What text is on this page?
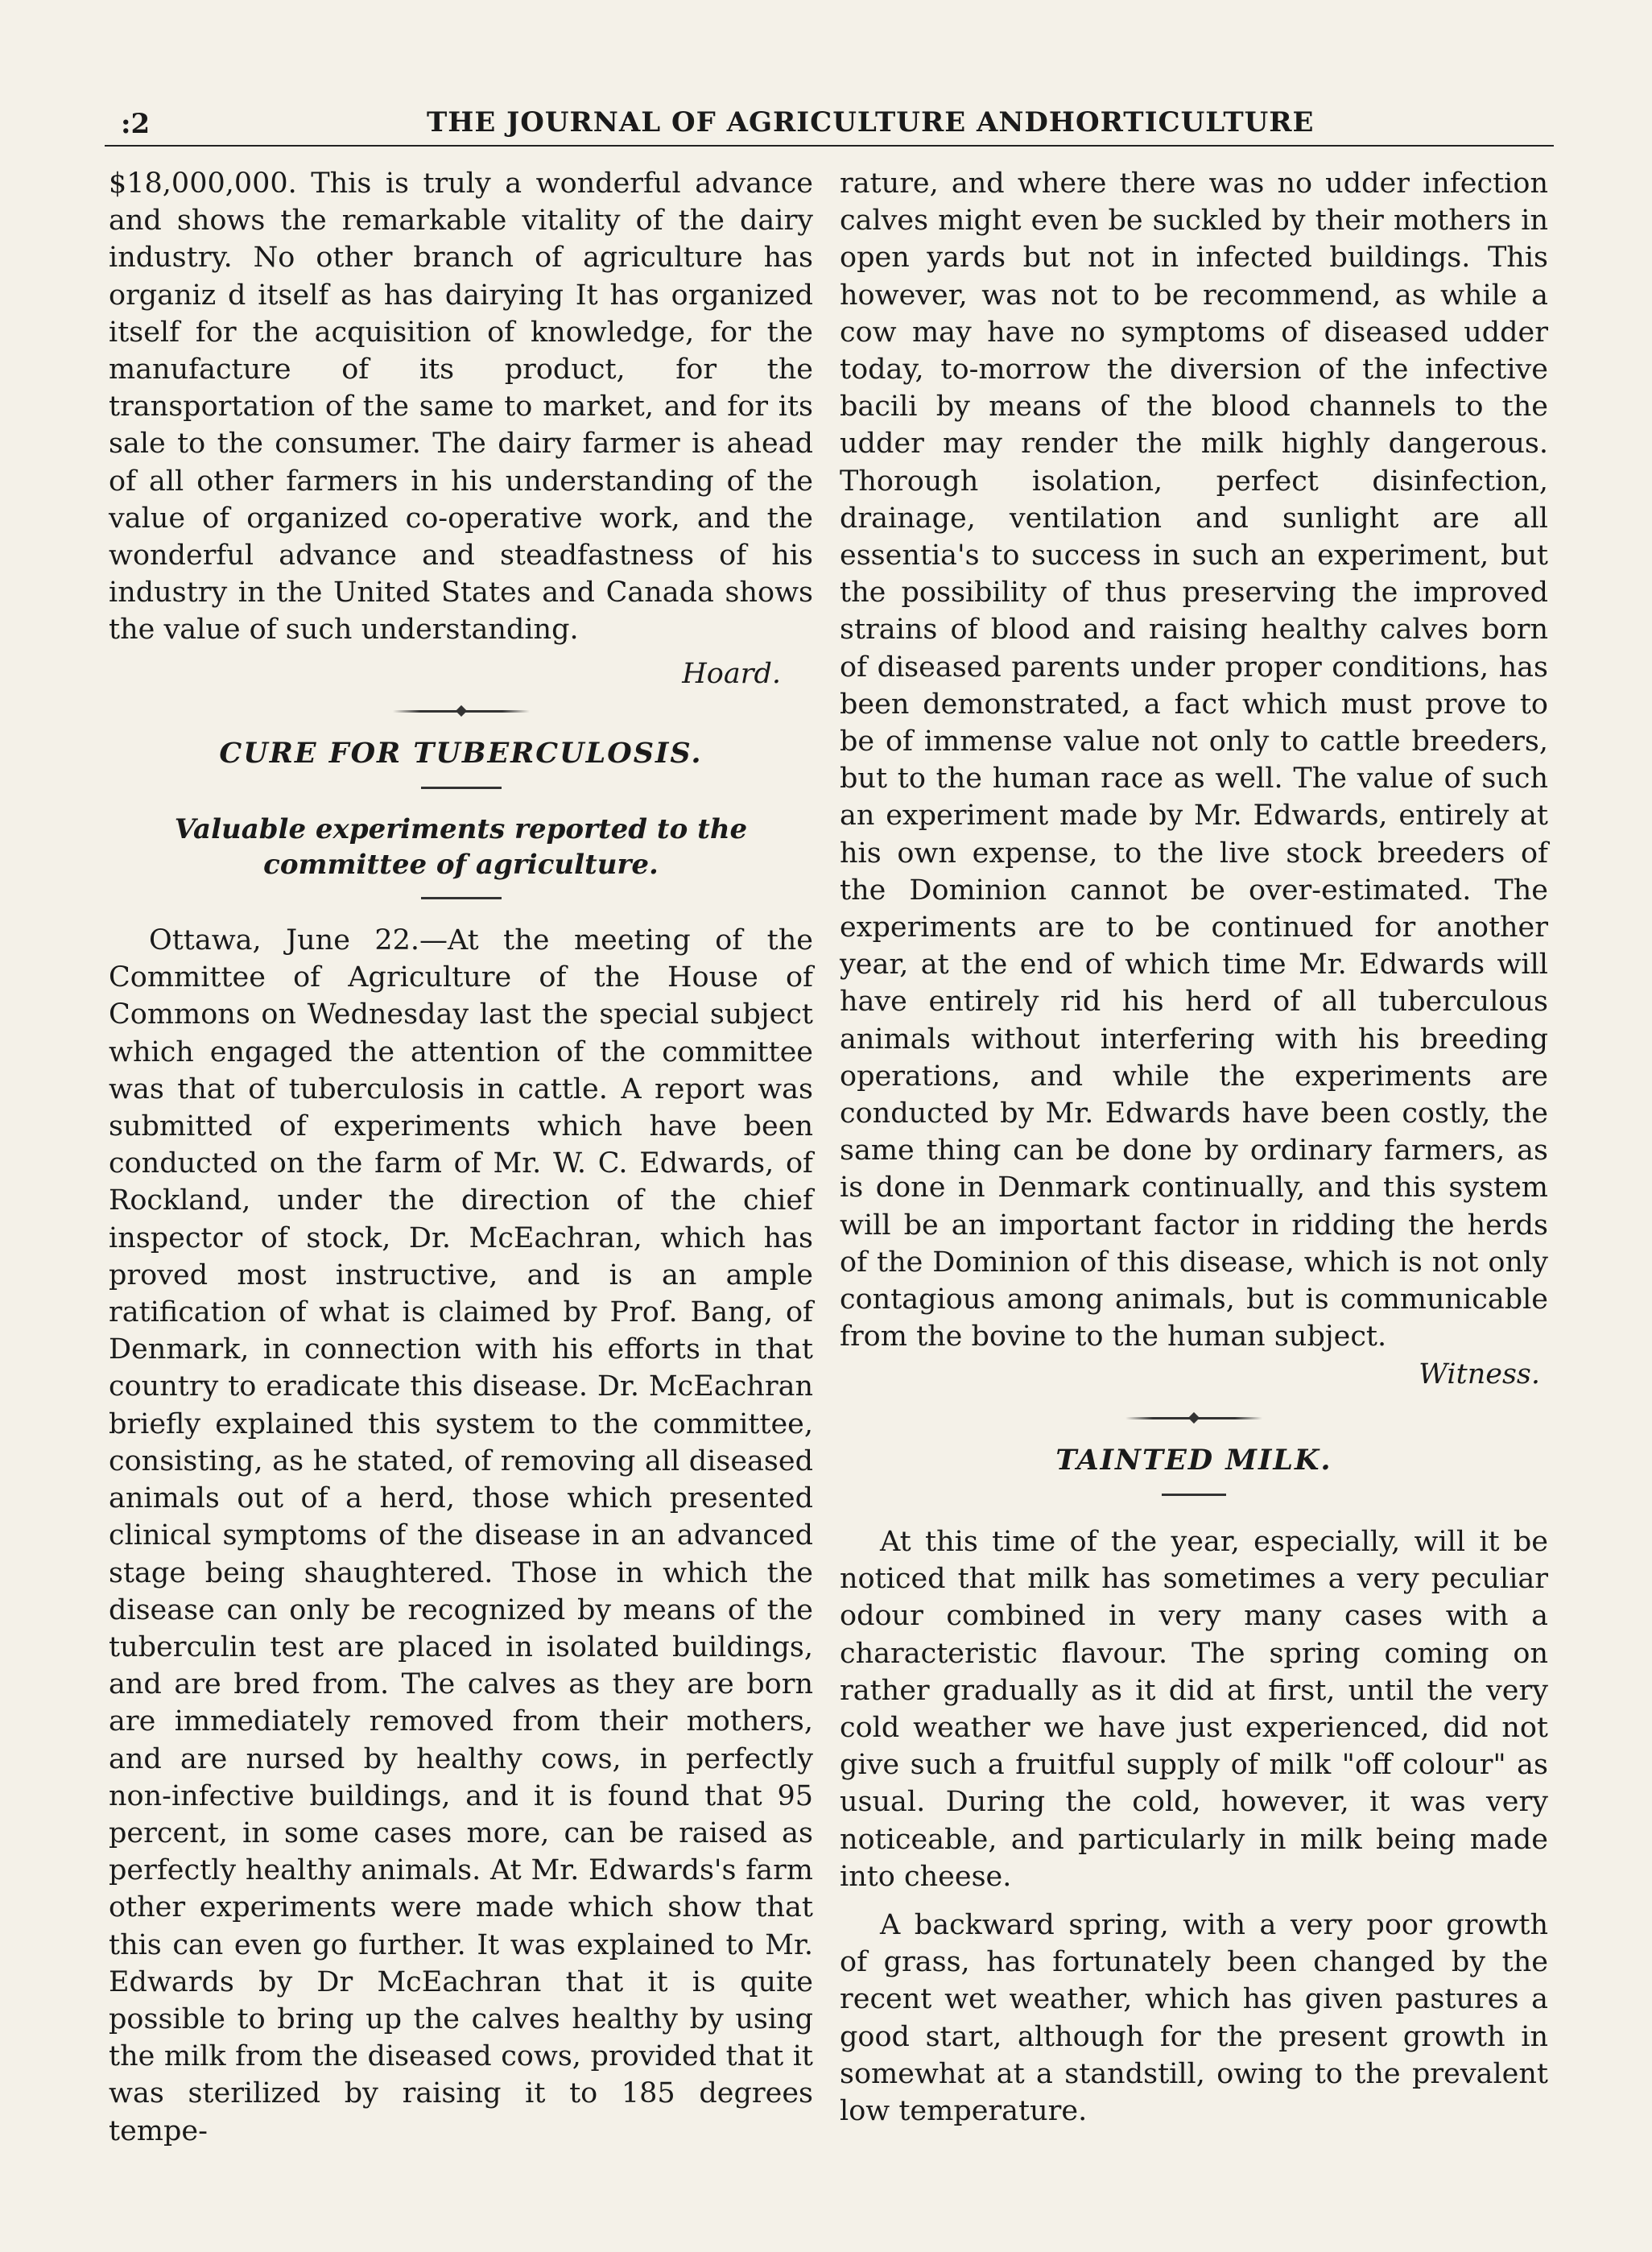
:2	THE JOURNAL OF AGRICULTURE ANDHORTICULTURE

$18,000,000. This is truly a wonderful advance and shows the remarkable vitality of the dairy industry. No other branch of agriculture has organiz d itself as has dairying It has organized itself for the acquisition of knowledge, for the manufacture of its product, for the transportation of the same to market, and for its sale to the consumer. The dairy farmer is ahead of all other farmers in his understanding of the value of organized co-operative work, and the wonderful advance and steadfastness of his industry in the United States and Canada shows the value of such understanding.

Hoard.

CURE FOR TUBERCULOSIS.
Valuable experiments reported to the committee of agriculture.

Ottawa, June 22.—At the meeting of the Committee of Agriculture of the House of Commons on Wednesday last the special subject which engaged the attention of the committee was that of tuberculosis in cattle. A report was submitted of experiments which have been conducted on the farm of Mr. W. C. Edwards, of Rockland, under the direction of the chief inspector of stock, Dr. McEachran, which has proved most instructive, and is an ample ratification of what is claimed by Prof. Bang, of Denmark, in connection with his efforts in that country to eradicate this disease. Dr. McEachran briefly explained this system to the committee, consisting, as he stated, of removing all diseased animals out of a herd, those which presented clinical symptoms of the disease in an advanced stage being shaughtered. Those in which the disease can only be recognized by means of the tuberculin test are placed in isolated buildings, and are bred from. The calves as they are born are immediately removed from their mothers, and are nursed by healthy cows, in perfectly non-infective buildings, and it is found that 95 percent, in some cases more, can be raised as perfectly healthy animals. At Mr. Edwards's farm other experiments were made which show that this can even go further. It was explained to Mr. Edwards by Dr McEachran that it is quite possible to bring up the calves healthy by using the milk from the diseased cows, provided that it was sterilized by raising it to 185 degrees tempe-

rature, and where there was no udder infection calves might even be suckled by their mothers in open yards but not in infected buildings. This however, was not to be recommend, as while a cow may have no symptoms of diseased udder today, to-morrow the diversion of the infective bacili by means of the blood channels to the udder may render the milk highly dangerous. Thorough isolation, perfect disinfection, drainage, ventilation and sunlight are all essentia's to success in such an experiment, but the possibility of thus preserving the improved strains of blood and raising healthy calves born of diseased parents under proper conditions, has been demonstrated, a fact which must prove to be of immense value not only to cattle breeders, but to the human race as well. The value of such an experiment made by Mr. Edwards, entirely at his own expense, to the live stock breeders of the Dominion cannot be over-estimated. The experiments are to be continued for another year, at the end of which time Mr. Edwards will have entirely rid his herd of all tuberculous animals without interfering with his breeding operations, and while the experiments are conducted by Mr. Edwards have been costly, the same thing can be done by ordinary farmers, as is done in Denmark continually, and this system will be an important factor in ridding the herds of the Dominion of this disease, which is not only contagious among animals, but is communicable from the bovine to the human subject.

Witness.

TAINTED MILK.

At this time of the year, especially, will it be noticed that milk has sometimes a very peculiar odour combined in very many cases with a characteristic flavour. The spring coming on rather gradually as it did at first, until the very cold weather we have just experienced, did not give such a fruitful supply of milk "off colour" as usual. During the cold, however, it was very noticeable, and particularly in milk being made into cheese.

A backward spring, with a very poor growth of grass, has fortunately been changed by the recent wet weather, which has given pastures a good start, although for the present growth in somewhat at a standstill, owing to the prevalent low temperature.
